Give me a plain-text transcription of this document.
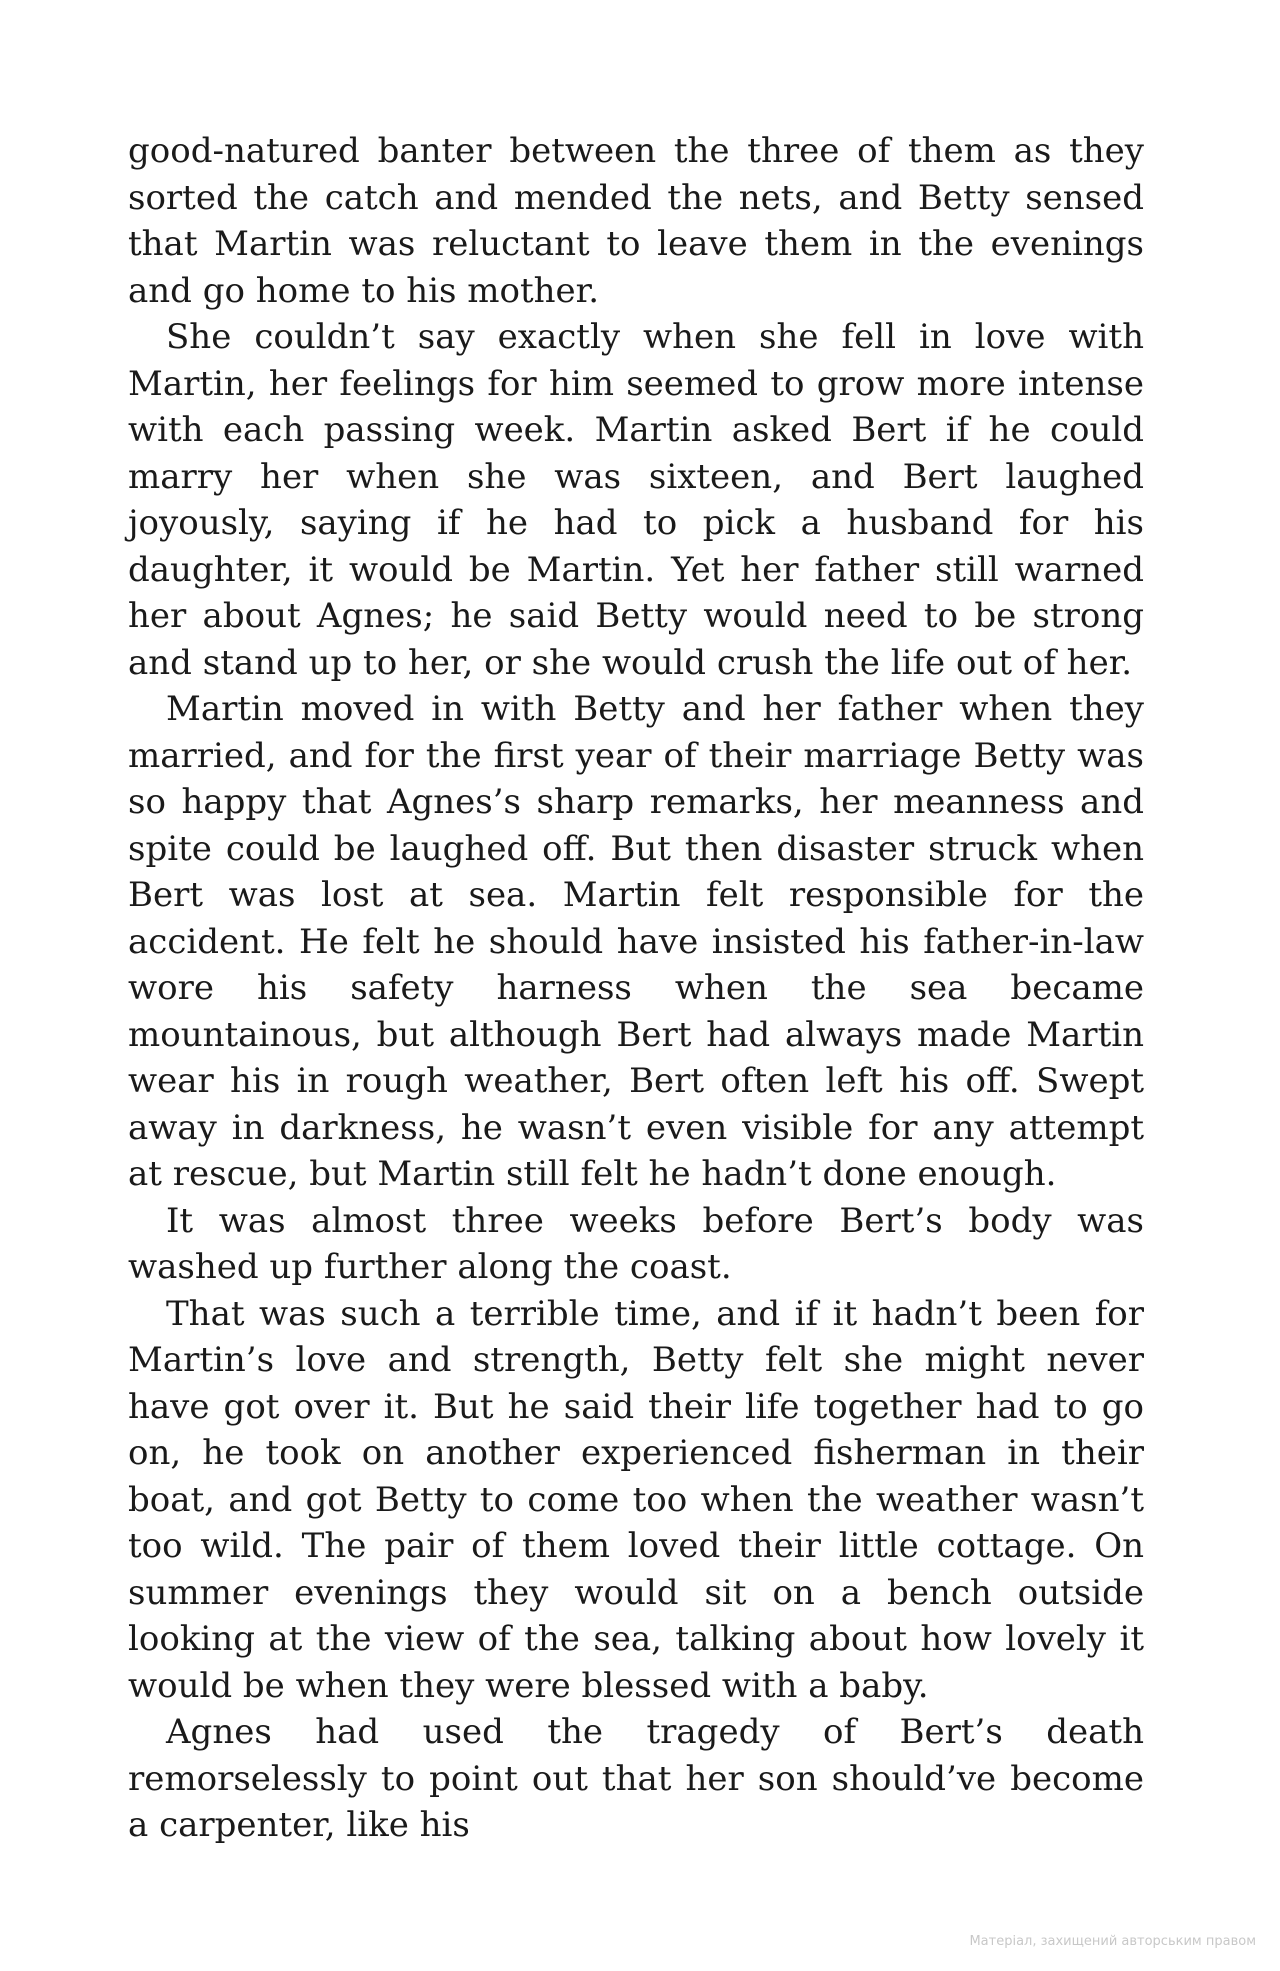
good-natured banter between the three of them as they sorted the catch and mended the nets, and Betty sensed that Martin was reluctant to leave them in the evenings and go home to his mother.

She couldn’t say exactly when she fell in love with Martin, her feelings for him seemed to grow more intense with each passing week. Martin asked Bert if he could marry her when she was sixteen, and Bert laughed joyously, saying if he had to pick a husband for his daughter, it would be Martin. Yet her father still warned her about Agnes; he said Betty would need to be strong and stand up to her, or she would crush the life out of her.

Martin moved in with Betty and her father when they married, and for the first year of their marriage Betty was so happy that Agnes’s sharp remarks, her meanness and spite could be laughed off. But then disaster struck when Bert was lost at sea. Martin felt responsible for the accident. He felt he should have insisted his father-in-law wore his safety harness when the sea became mountainous, but although Bert had always made Martin wear his in rough weather, Bert often left his off. Swept away in darkness, he wasn’t even visible for any attempt at rescue, but Martin still felt he hadn’t done enough.

It was almost three weeks before Bert’s body was washed up further along the coast.

That was such a terrible time, and if it hadn’t been for Martin’s love and strength, Betty felt she might never have got over it. But he said their life together had to go on, he took on another experienced fisherman in their boat, and got Betty to come too when the weather wasn’t too wild. The pair of them loved their little cottage. On summer evenings they would sit on a bench outside looking at the view of the sea, talking about how lovely it would be when they were blessed with a baby.

Agnes had used the tragedy of Bert’s death remorselessly to point out that her son should’ve become a carpenter, like his

Матеріал, захищений авторським правом
